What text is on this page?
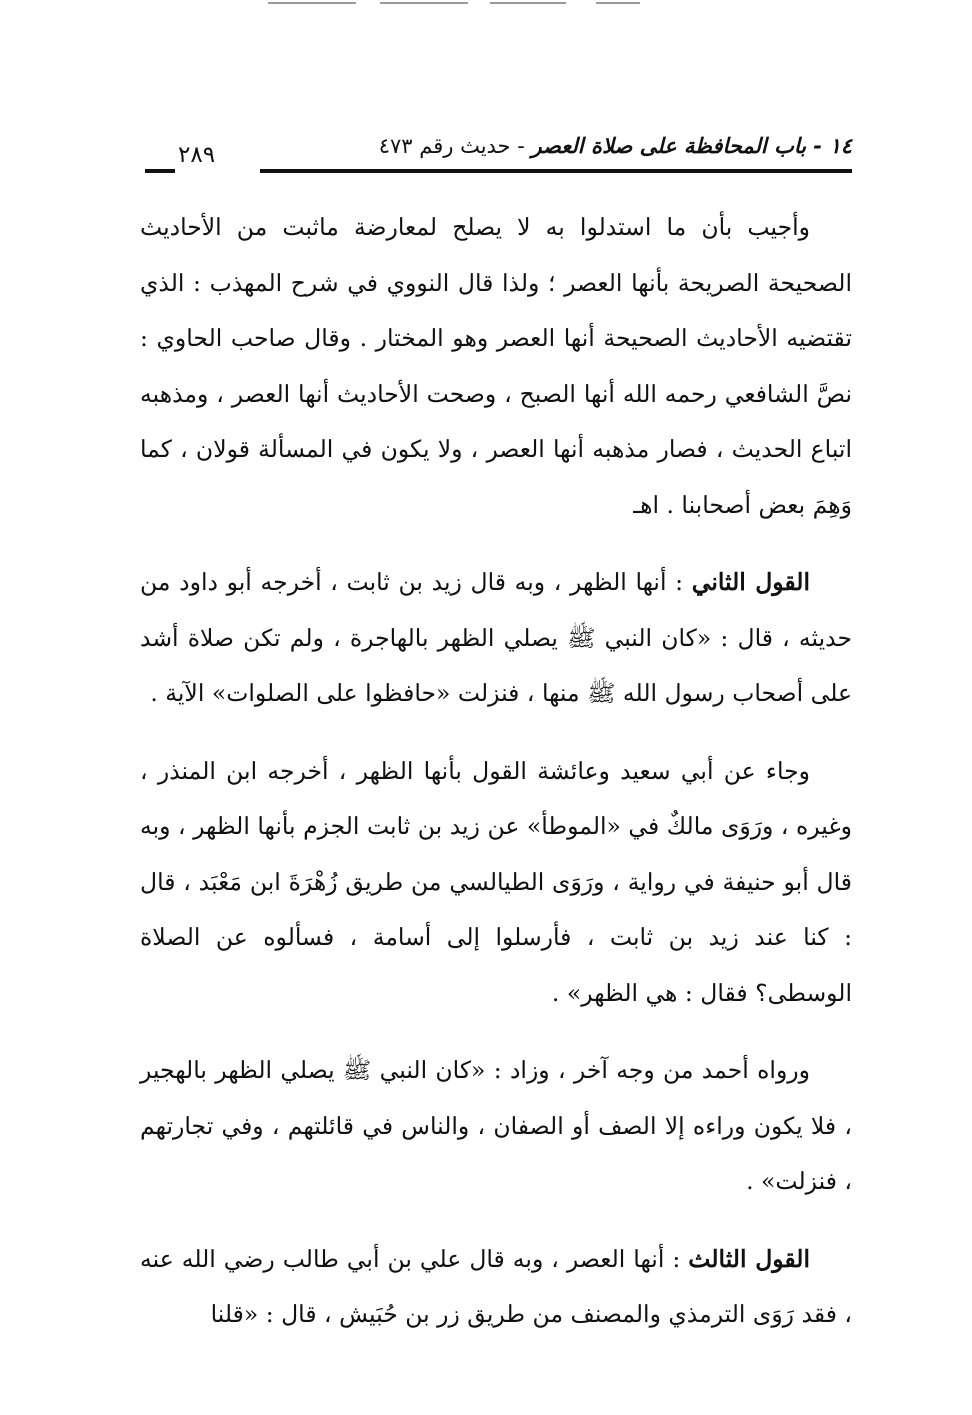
١٤ - باب المحافظة على صلاة العصر - حديث رقم ٤٧٣
٢٨٩

وأجيب بأن ما استدلوا به لا يصلح لمعارضة ماثبت من الأحاديث الصحيحة الصريحة بأنها العصر ؛ ولذا قال النووي في شرح المهذب : الذي تقتضيه الأحاديث الصحيحة أنها العصر وهو المختار . وقال صاحب الحاوي : نصَّ الشافعي رحمه الله أنها الصبح ، وصحت الأحاديث أنها العصر ، ومذهبه اتباع الحديث ، فصار مذهبه أنها العصر ، ولا يكون في المسألة قولان ، كما وَهِمَ بعض أصحابنا . اهـ

القول الثاني : أنها الظهر ، وبه قال زيد بن ثابت ، أخرجه أبو داود من حديثه ، قال : «كان النبي ﷺ يصلي الظهر بالهاجرة ، ولم تكن صلاة أشد على أصحاب رسول الله ﷺ منها ، فنزلت «حافظوا على الصلوات» الآية .

وجاء عن أبي سعيد وعائشة القول بأنها الظهر ، أخرجه ابن المنذر ، وغيره ، ورَوَى مالكٌ في «الموطأ» عن زيد بن ثابت الجزم بأنها الظهر ، وبه قال أبو حنيفة في رواية ، ورَوَى الطيالسي من طريق زُهْرَةَ ابن مَعْبَد ، قال : كنا عند زيد بن ثابت ، فأرسلوا إلى أسامة ، فسألوه عن الصلاة الوسطى؟ فقال : هي الظهر» .

ورواه أحمد من وجه آخر ، وزاد : «كان النبي ﷺ يصلي الظهر بالهجير ، فلا يكون وراءه إلا الصف أو الصفان ، والناس في قائلتهم ، وفي تجارتهم ، فنزلت» .

القول الثالث : أنها العصر ، وبه قال علي بن أبي طالب رضي الله عنه ، فقد رَوَى الترمذي والمصنف من طريق زر بن حُبَيش ، قال : «قلنا
